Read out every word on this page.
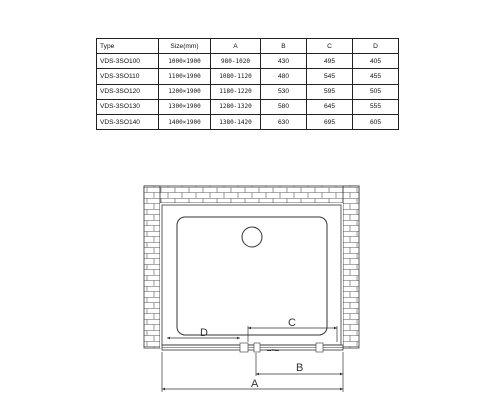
Type	Size(mm)	A	B	C	D
VDS-3SO100	1000×1900	980-1020	430	495	405
VDS-3SO110	1100×1900	1080-1120	480	545	455
VDS-3SO120	1200×1900	1180-1220	530	595	505
VDS-3SO130	1300×1900	1280-1320	580	645	555
VDS-3SO140	1400×1900	1380-1420	630	695	605
▬▭▬
A
B
C
D
